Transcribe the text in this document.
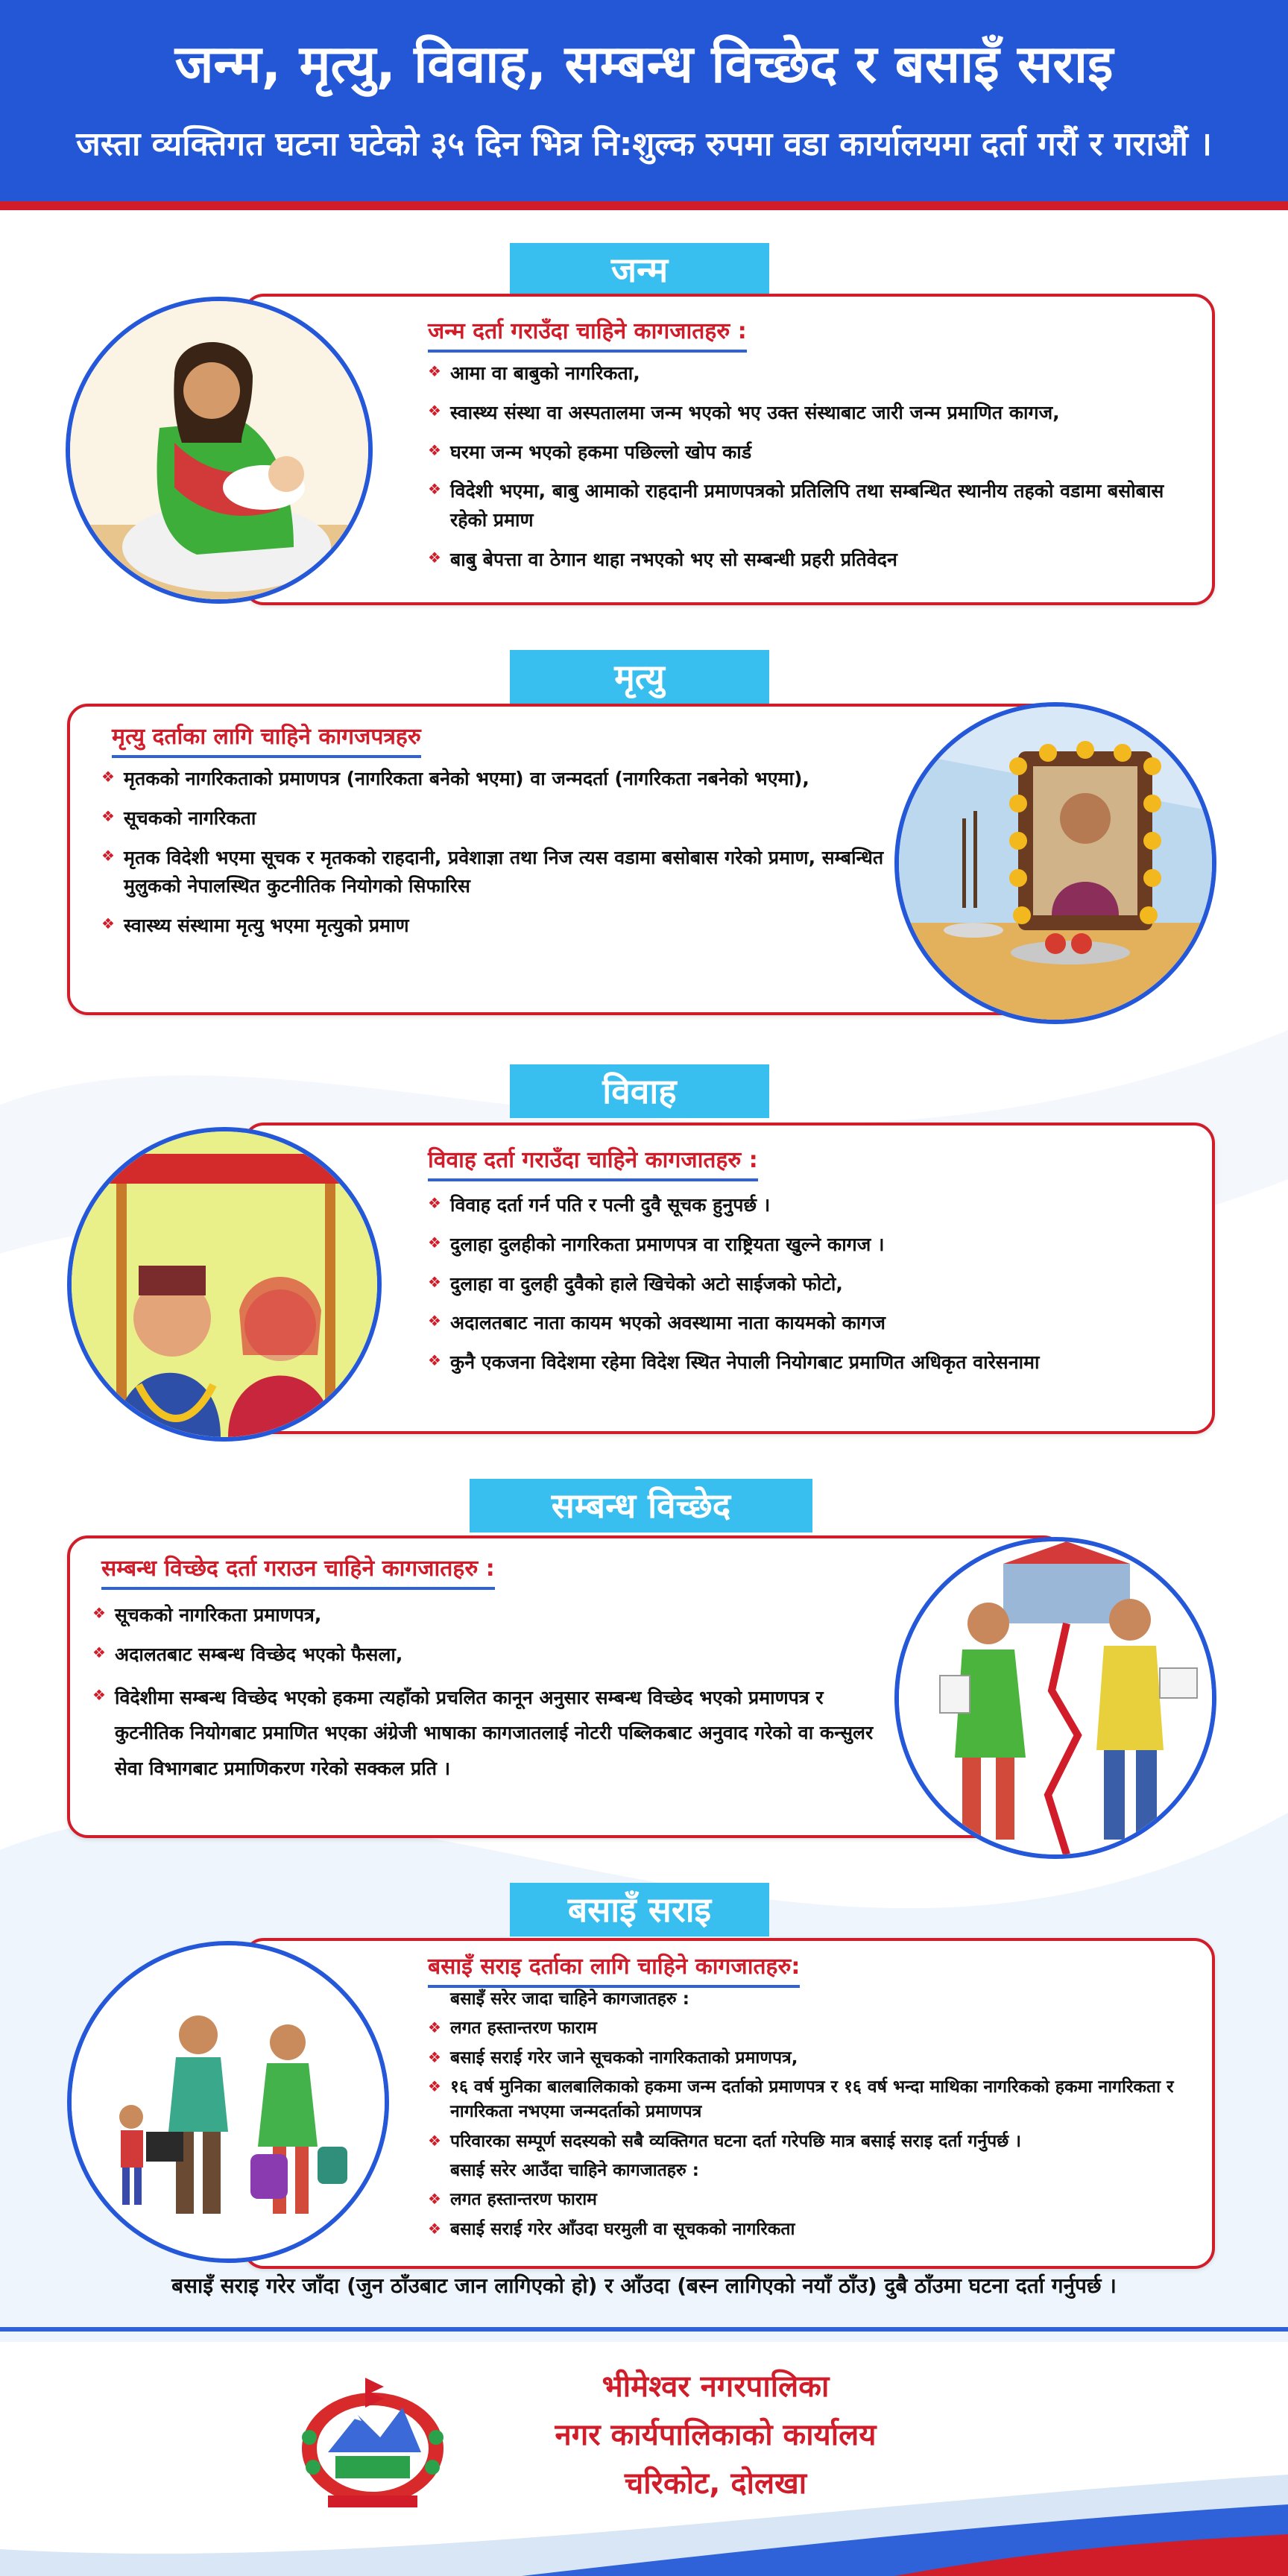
जन्म, मृत्यु, विवाह, सम्बन्ध विच्छेद र बसाइँ सराइ
जस्ता व्यक्तिगत घटना घटेको ३५ दिन भित्र नि:शुल्क रुपमा वडा कार्यालयमा दर्ता गरौं र गराऔं ।
जन्म
जन्म दर्ता गराउँदा चाहिने कागजातहरु :
❖ आमा वा बाबुको नागरिकता,
❖ स्वास्थ्य संस्था वा अस्पतालमा जन्म भएको भए उक्त संस्थाबाट जारी जन्म प्रमाणित कागज,
❖ घरमा जन्म भएको हकमा पछिल्लो खोप कार्ड
❖ विदेशी भएमा, बाबु आमाको राहदानी प्रमाणपत्रको प्रतिलिपि तथा सम्बन्धित स्थानीय तहको वडामा बसोबास रहेको प्रमाण
❖ बाबु बेपत्ता वा ठेगान थाहा नभएको भए सो सम्बन्धी प्रहरी प्रतिवेदन
मृत्यु
मृत्यु दर्ताका लागि चाहिने कागजपत्रहरु
❖ मृतकको नागरिकताको प्रमाणपत्र (नागरिकता बनेको भएमा) वा जन्मदर्ता (नागरिकता नबनेको भएमा),
❖ सूचकको नागरिकता
❖ मृतक विदेशी भएमा सूचक र मृतकको राहदानी, प्रवेशाज्ञा तथा निज त्यस वडामा बसोबास गरेको प्रमाण, सम्बन्धित मुलुकको नेपालस्थित कुटनीतिक नियोगको सिफारिस
❖ स्वास्थ्य संस्थामा मृत्यु भएमा मृत्युको प्रमाण
विवाह
विवाह दर्ता गराउँदा चाहिने कागजातहरु :
❖ विवाह दर्ता गर्न पति र पत्नी दुवै सूचक हुनुपर्छ ।
❖ दुलाहा दुलहीको नागरिकता प्रमाणपत्र वा राष्ट्रियता खुल्ने कागज ।
❖ दुलाहा वा दुलही दुवैको हाले खिचेको अटो साईजको फोटो,
❖ अदालतबाट नाता कायम भएको अवस्थामा नाता कायमको कागज
❖ कुनै एकजना विदेशमा रहेमा विदेश स्थित नेपाली नियोगबाट प्रमाणित अधिकृत वारेसनामा
सम्बन्ध विच्छेद
सम्बन्ध विच्छेद दर्ता गराउन चाहिने कागजातहरु :
❖ सूचकको नागरिकता प्रमाणपत्र,
❖ अदालतबाट सम्बन्ध विच्छेद भएको फैसला,
❖ विदेशीमा सम्बन्ध विच्छेद भएको हकमा त्यहाँको प्रचलित कानून अनुसार सम्बन्ध विच्छेद भएको प्रमाणपत्र र कुटनीतिक नियोगबाट प्रमाणित भएका अंग्रेजी भाषाका कागजातलाई नोटरी पब्लिकबाट अनुवाद गरेको वा कन्सुलर सेवा विभागबाट प्रमाणिकरण गरेको सक्कल प्रति ।
बसाइँ सराइ
बसाइँ सराइ दर्ताका लागि चाहिने कागजातहरु:
बसाइँ सरेर जादा चाहिने कागजातहरु :
❖ लगत हस्तान्तरण फाराम
❖ बसाई सराई गरेर जाने सूचकको नागरिकताको प्रमाणपत्र,
❖ १६ वर्ष मुनिका बालबालिकाको हकमा जन्म दर्ताको प्रमाणपत्र र १६ वर्ष भन्दा माथिका नागरिकको हकमा नागरिकता र नागरिकता नभएमा जन्मदर्ताको प्रमाणपत्र
❖ परिवारका सम्पूर्ण सदस्यको सबै व्यक्तिगत घटना दर्ता गरेपछि मात्र बसाई सराइ दर्ता गर्नुपर्छ ।
बसाई सरेर आउँदा चाहिने कागजातहरु :
❖ लगत हस्तान्तरण फाराम
❖ बसाई सराई गरेर आँउदा घरमुली वा सूचकको नागरिकता
बसाइँ सराइ गरेर जाँदा (जुन ठाँउबाट जान लागिएको हो) र आँउदा (बस्न लागिएको नयाँ ठाँउ) दुबै ठाँउमा घटना दर्ता गर्नुपर्छ ।
भीमेश्वर नगरपालिका
नगर कार्यपालिकाको कार्यालय
चरिकोट, दोलखा
